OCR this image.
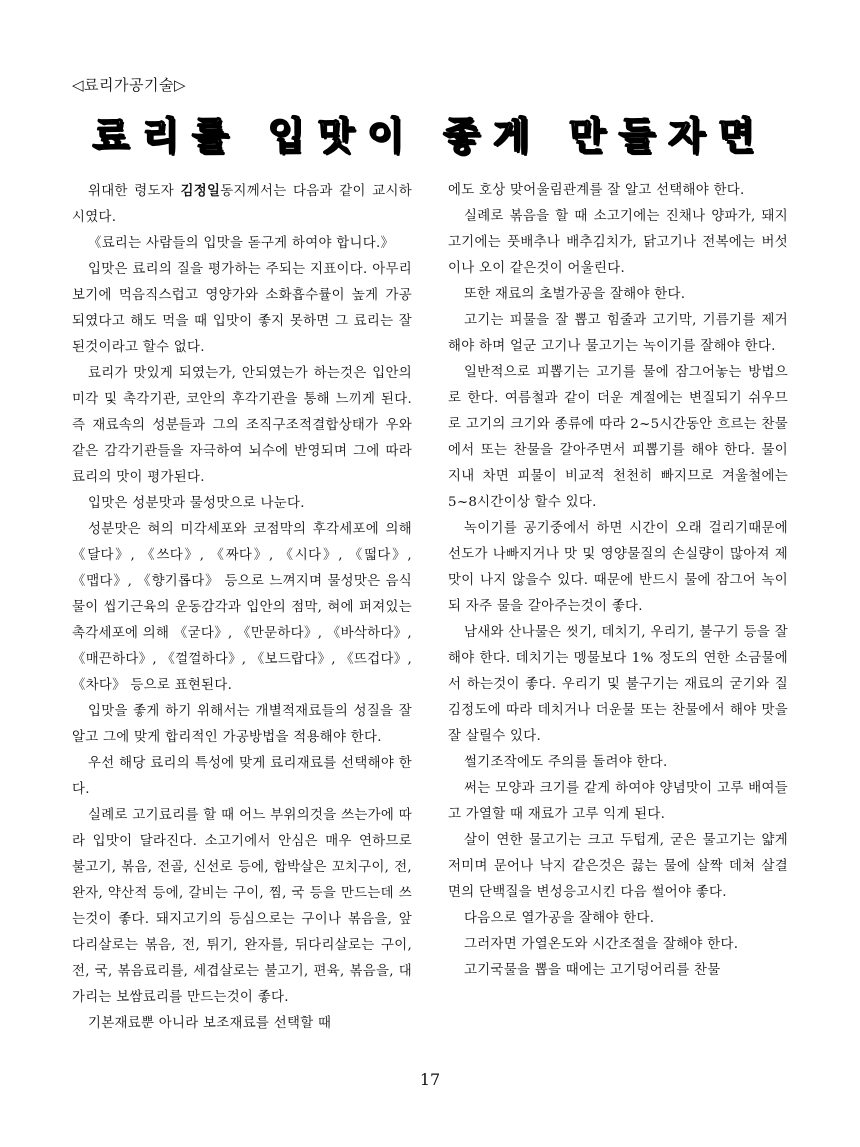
◁료리가공기술▷
료리를 입맛이 좋게 만들자면

위대한 령도자 김정일동지께서는 다음과 같이 교시하시였다.

《료리는 사람들의 입맛을 돋구게 하여야 합니다.》

입맛은 료리의 질을 평가하는 주되는 지표이다. 아무리 보기에 먹음직스럽고 영양가와 소화흡수률이 높게 가공되였다고 해도 먹을 때 입맛이 좋지 못하면 그 료리는 잘된것이라고 할수 없다.

료리가 맛있게 되였는가, 안되였는가 하는것은 입안의 미각 및 촉각기관, 코안의 후각기관을 통해 느끼게 된다. 즉 재료속의 성분들과 그의 조직구조적결합상태가 우와 같은 감각기관들을 자극하여 뇌수에 반영되며 그에 따라 료리의 맛이 평가된다.

입맛은 성분맛과 물성맛으로 나눈다.

성분맛은 혀의 미각세포와 코점막의 후각세포에 의해 《달다》, 《쓰다》, 《짜다》, 《시다》, 《떫다》, 《맵다》, 《향기롭다》 등으로 느껴지며 물성맛은 음식물이 씹기근육의 운동감각과 입안의 점막, 혀에 퍼져있는 촉각세포에 의해 《굳다》, 《만문하다》, 《바삭하다》, 《매끈하다》, 《껄껄하다》, 《보드랍다》, 《뜨겁다》, 《차다》 등으로 표현된다.

입맛을 좋게 하기 위해서는 개별적재료들의 성질을 잘 알고 그에 맞게 합리적인 가공방법을 적용해야 한다.

우선 해당 료리의 특성에 맞게 료리재료를 선택해야 한다.

실례로 고기료리를 할 때 어느 부위의것을 쓰는가에 따라 입맛이 달라진다. 소고기에서 안심은 매우 연하므로 불고기, 볶음, 전골, 신선로 등에, 합박살은 꼬치구이, 전, 완자, 약산적 등에, 갈비는 구이, 찜, 국 등을 만드는데 쓰는것이 좋다. 돼지고기의 등심으로는 구이나 볶음을, 앞다리살로는 볶음, 전, 튀기, 완자를, 뒤다리살로는 구이, 전, 국, 볶음료리를, 세겹살로는 불고기, 편육, 볶음을, 대가리는 보쌈료리를 만드는것이 좋다.

기본재료뿐 아니라 보조재료를 선택할 때

에도 호상 맞어울림관계를 잘 알고 선택해야 한다.

실례로 볶음을 할 때 소고기에는 진채나 양파가, 돼지고기에는 풋배추나 배추김치가, 닭고기나 전복에는 버섯이나 오이 같은것이 어울린다.

또한 재료의 초벌가공을 잘해야 한다.

고기는 피물을 잘 뽑고 힘줄과 고기막, 기름기를 제거해야 하며 얼군 고기나 물고기는 녹이기를 잘해야 한다.

일반적으로 피뽑기는 고기를 물에 잠그어놓는 방법으로 한다. 여름철과 같이 더운 계절에는 변질되기 쉬우므로 고기의 크기와 종류에 따라 2~5시간동안 흐르는 찬물에서 또는 찬물을 갈아주면서 피뽑기를 해야 한다. 물이 지내 차면 피물이 비교적 천천히 빠지므로 겨울철에는 5~8시간이상 할수 있다.

녹이기를 공기중에서 하면 시간이 오래 걸리기때문에 선도가 나빠지거나 맛 및 영양물질의 손실량이 많아져 제맛이 나지 않을수 있다. 때문에 반드시 물에 잠그어 녹이되 자주 물을 갈아주는것이 좋다.

남새와 산나물은 씻기, 데치기, 우리기, 불구기 등을 잘해야 한다. 데치기는 멩물보다 1% 정도의 연한 소금물에서 하는것이 좋다. 우리기 및 불구기는 재료의 굳기와 질김정도에 따라 데치거나 더운물 또는 찬물에서 해야 맛을 잘 살릴수 있다.

썰기조작에도 주의를 돌려야 한다.

써는 모양과 크기를 같게 하여야 양념맛이 고루 배여들고 가열할 때 재료가 고루 익게 된다.

살이 연한 물고기는 크고 두텁게, 굳은 물고기는 얇게 저미며 문어나 낙지 같은것은 끓는 물에 살짝 데쳐 살결면의 단백질을 변성응고시킨 다음 썰어야 좋다.

다음으로 열가공을 잘해야 한다.

그러자면 가열온도와 시간조절을 잘해야 한다.

고기국물을 뽑을 때에는 고기덩어리를 찬물

17
